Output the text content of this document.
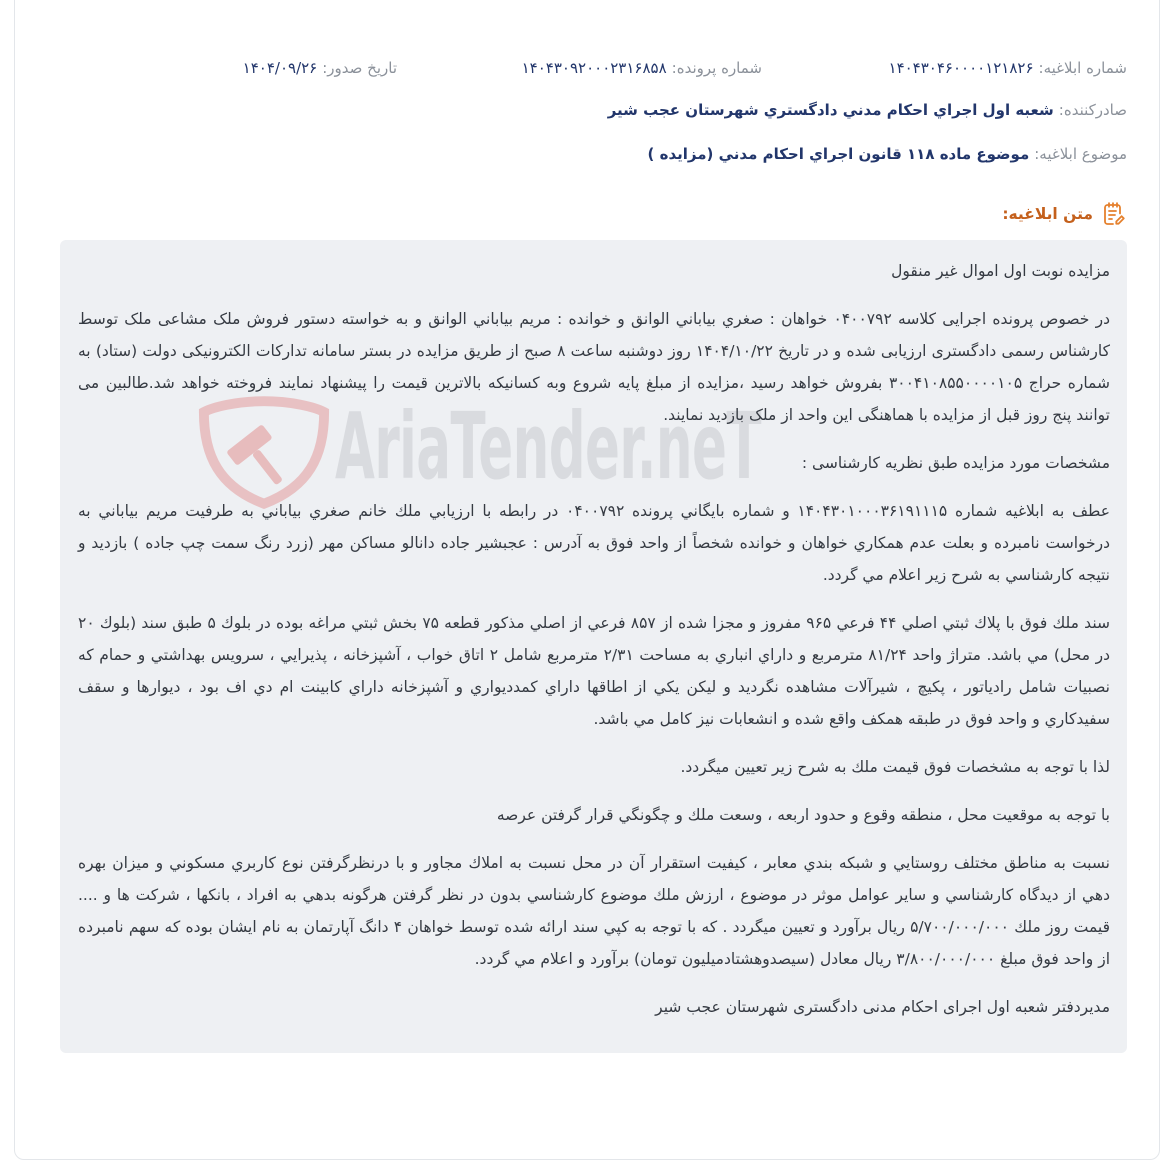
شماره ابلاغیه:
۱۴۰۴۳۰۴۶۰۰۰۰۱۲۱۸۲۶
شماره پرونده:
۱۴۰۴۳۰۹۲۰۰۰۲۳۱۶۸۵۸
تاریخ صدور:
۱۴۰۴/۰۹/۲۶
صادرکننده:
شعبه اول اجراي احكام مدني دادگستري شهرستان عجب شير
موضوع ابلاغیه:
موضوع ماده ۱۱۸ قانون اجراي احكام مدني (مزايده )
متن ابلاغیه:
AriaTender.neT

مزایده نوبت اول اموال غیر منقول

در خصوص پرونده اجرایی کلاسه ۰۴۰۰۷۹۲ خواهان : صغري بياباني الوانق و خوانده : مريم بياباني الوانق و به خواسته دستور فروش ملک مشاعی ملک توسط کارشناس رسمی دادگستری ارزیابی شده و در تاریخ ۱۴۰۴/۱۰/۲۲ روز دوشنبه ساعت ۸ صبح از طریق مزایده در بستر سامانه تدارکات الکترونیکی دولت (ستاد) به شماره حراج ۳۰۰۴۱۰۸۵۵۰۰۰۰۱۰۵ بفروش خواهد رسید ،مزایده از مبلغ پایه شروع وبه کسانیکه بالاترین قیمت را پیشنهاد نمایند فروخته خواهد شد.طالبین می توانند پنج روز قبل از مزایده با هماهنگی این واحد از ملک بازدید نمایند.

مشخصات مورد مزایده طبق نظریه کارشناسی :

عطف به ابلاغيه شماره ۱۴۰۴۳۰۱۰۰۰۳۶۱۹۱۱۱۵ و شماره بايگاني پرونده ۰۴۰۰۷۹۲ در رابطه با ارزيابي ملك خانم صغري بياباني به طرفيت مريم بياباني به درخواست نامبرده و بعلت عدم همكاري خواهان و خوانده شخصاً از واحد فوق به آدرس : عجبشير جاده دانالو مساكن مهر (زرد رنگ سمت چپ جاده ) بازديد و نتيجه كارشناسي به شرح زير اعلام مي گردد.

سند ملك فوق با پلاك ثبتي اصلي ۴۴ فرعي ۹۶۵ مفروز و مجزا شده از ۸۵۷ فرعي از اصلي مذكور قطعه ۷۵ بخش ثبتي مراغه بوده در بلوك ۵ طبق سند (بلوك ۲۰ در محل) مي باشد. متراژ واحد ۸۱/۲۴ مترمربع و داراي انباري به مساحت ۲/۳۱ مترمربع شامل ۲ اتاق خواب ، آشپزخانه ، پذيرايي ، سرويس بهداشتي و حمام كه نصبيات شامل رادياتور ، پكيچ ، شيرآلات مشاهده نگرديد و ليكن يكي از اطاقها داراي كمدديواري و آشپزخانه داراي كابينت ام دي اف بود ، ديوارها و سقف سفيدكاري و واحد فوق در طبقه همكف واقع شده و انشعابات نيز كامل مي باشد.

لذا با توجه به مشخصات فوق قيمت ملك به شرح زير تعيين ميگردد.

با توجه به موقعيت محل ، منطقه وقوع و حدود اربعه ، وسعت ملك و چگونگي قرار گرفتن عرصه

نسبت به مناطق مختلف روستايي و شبكه بندي معابر ، كيفيت استقرار آن در محل نسبت به املاك مجاور و با درنظرگرفتن نوع كاربري مسكوني و ميزان بهره دهي از ديدگاه كارشناسي و ساير عوامل موثر در موضوع ، ارزش ملك موضوع كارشناسي بدون در نظر گرفتن هرگونه بدهي به افراد ، بانكها ، شركت ها و .... قيمت روز ملك ۵/۷۰۰/۰۰۰/۰۰۰ ريال برآورد و تعيين ميگردد . كه با توجه به كپي سند ارائه شده توسط خواهان ۴ دانگ آپارتمان به نام ايشان بوده كه سهم نامبرده از واحد فوق مبلغ ۳/۸۰۰/۰۰۰/۰۰۰ ريال معادل (سيصدوهشتادميليون تومان) برآورد و اعلام مي گردد.

مدیردفتر شعبه اول اجرای احکام مدنی دادگستری شهرستان عجب شیر
